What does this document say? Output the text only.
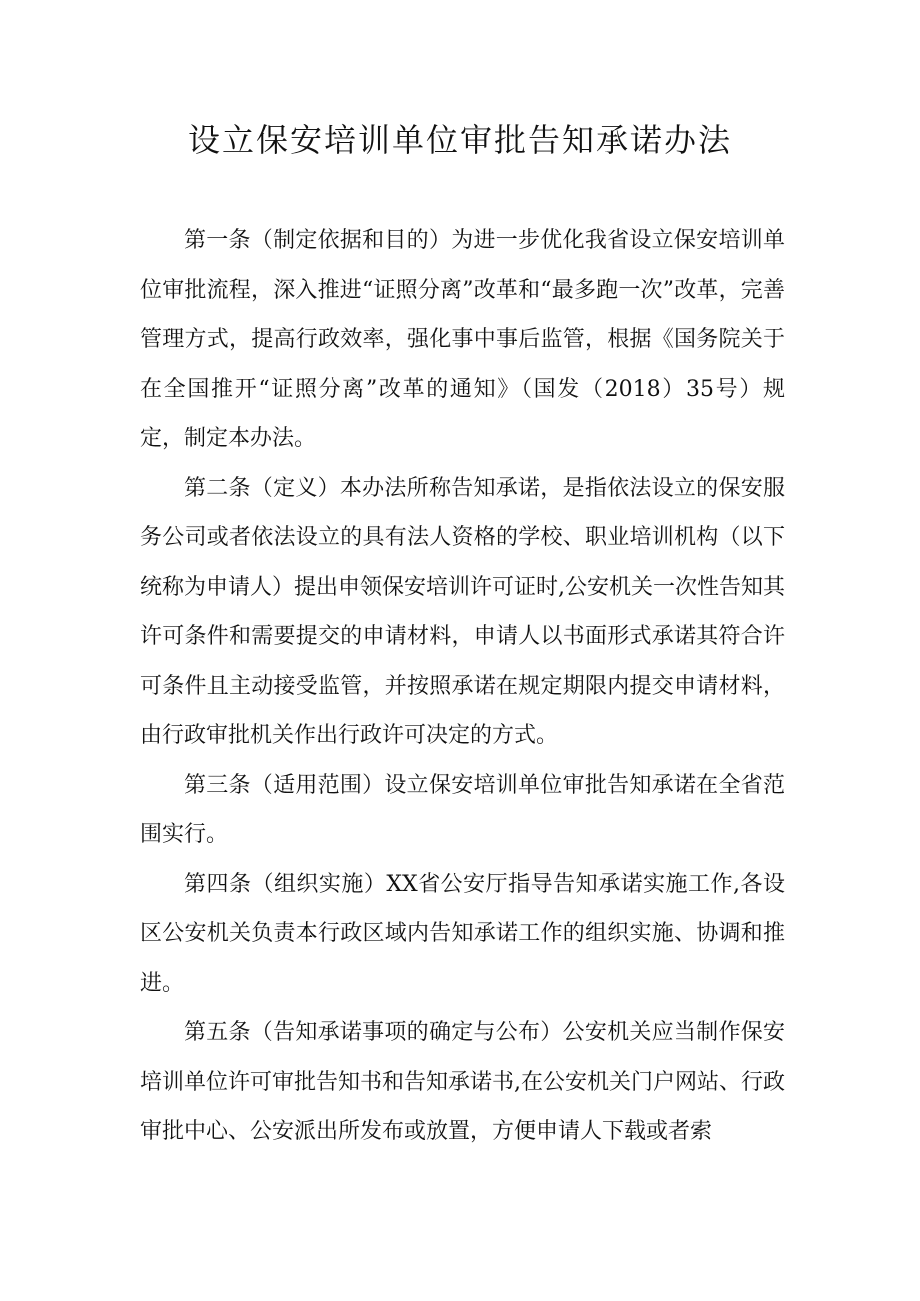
设立保安培训单位审批告知承诺办法

第一条（制定依据和目的）为进一步优化我省设立保安培训单位审批流程，深入推进“证照分离”改革和“最多跑一次”改革，完善管理方式，提高行政效率，强化事中事后监管，根据《国务院关于在全国推开“证照分离”改革的通知》（国发（2018）35号）规定，制定本办法。

第二条（定义）本办法所称告知承诺，是指依法设立的保安服务公司或者依法设立的具有法人资格的学校、职业培训机构（以下统称为申请人）提出申领保安培训许可证时,公安机关一次性告知其许可条件和需要提交的申请材料，申请人以书面形式承诺其符合许可条件且主动接受监管，并按照承诺在规定期限内提交申请材料，由行政审批机关作出行政许可决定的方式。

第三条（适用范围）设立保安培训单位审批告知承诺在全省范围实行。

第四条（组织实施）XX省公安厅指导告知承诺实施工作,各设区公安机关负责本行政区域内告知承诺工作的组织实施、协调和推进。

第五条（告知承诺事项的确定与公布）公安机关应当制作保安培训单位许可审批告知书和告知承诺书,在公安机关门户网站、行政审批中心、公安派出所发布或放置，方便申请人下载或者索
